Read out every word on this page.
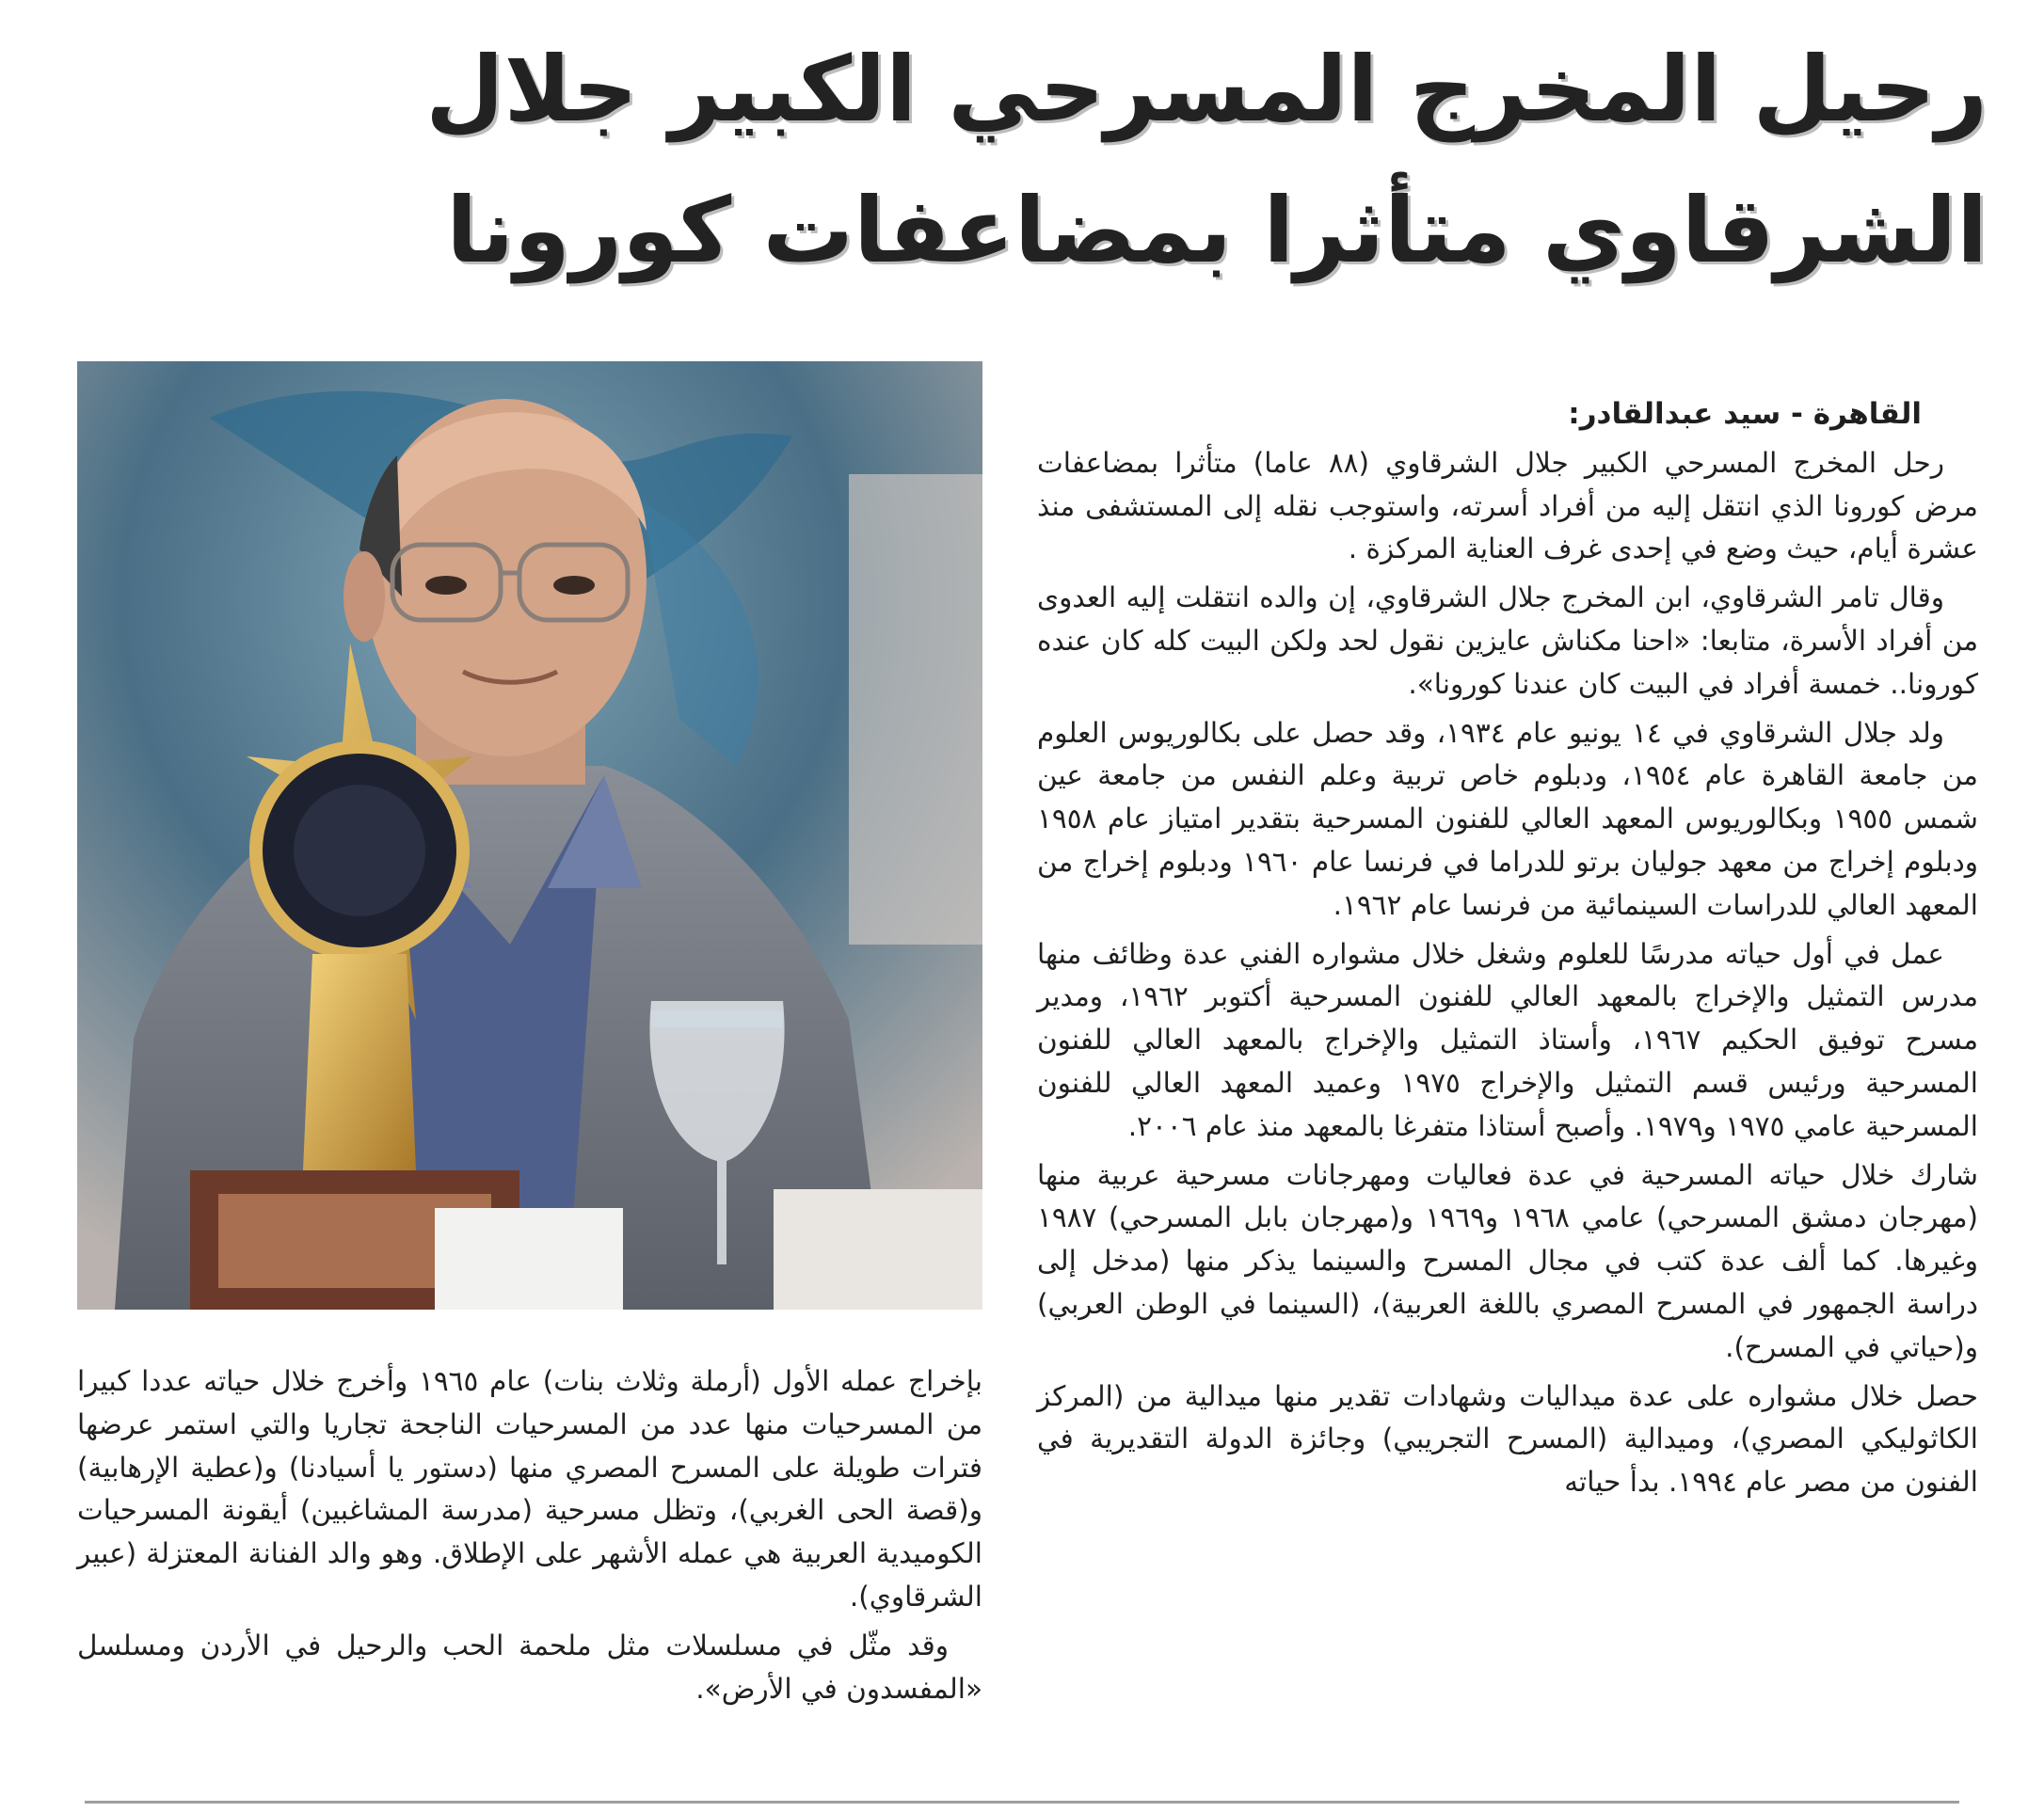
رحيل المخرج المسرحي الكبير جلال
الشرقاوي متأثرا بمضاعفات كورونا

القاهرة - سيد عبدالقادر:

رحل المخرج المسرحي الكبير جلال الشرقاوي (٨٨ عاما) متأثرا بمضاعفات مرض كورونا الذي انتقل إليه من أفراد أسرته، واستوجب نقله إلى المستشفى منذ عشرة أيام، حيث وضع في إحدى غرف العناية المركزة .

وقال تامر الشرقاوي، ابن المخرج جلال الشرقاوي، إن والده انتقلت إليه العدوى من أفراد الأسرة، متابعا: «احنا مكناش عايزين نقول لحد ولكن البيت كله كان عنده كورونا.. خمسة أفراد في البيت كان عندنا كورونا».

ولد جلال الشرقاوي في ١٤ يونيو عام ١٩٣٤، وقد حصل على بكالوريوس العلوم من جامعة القاهرة عام ١٩٥٤، ودبلوم خاص تربية وعلم النفس من جامعة عين شمس ١٩٥٥ وبكالوريوس المعهد العالي للفنون المسرحية بتقدير امتياز عام ١٩٥٨ ودبلوم إخراج من معهد جوليان برتو للدراما في فرنسا عام ١٩٦٠ ودبلوم إخراج من المعهد العالي للدراسات السينمائية من فرنسا عام ١٩٦٢.

عمل في أول حياته مدرسًا للعلوم وشغل خلال مشواره الفني عدة وظائف منها مدرس التمثيل والإخراج بالمعهد العالي للفنون المسرحية أكتوبر ١٩٦٢، ومدير مسرح توفيق الحكيم ١٩٦٧، وأستاذ التمثيل والإخراج بالمعهد العالي للفنون المسرحية ورئيس قسم التمثيل والإخراج ١٩٧٥ وعميد المعهد العالي للفنون المسرحية عامي ١٩٧٥ و١٩٧٩. وأصبح أستاذا متفرغا بالمعهد منذ عام ٢٠٠٦.

شارك خلال حياته المسرحية في عدة فعاليات ومهرجانات مسرحية عربية منها (مهرجان دمشق المسرحي) عامي ١٩٦٨ و١٩٦٩ و(مهرجان بابل المسرحي) ١٩٨٧ وغيرها. كما ألف عدة كتب في مجال المسرح والسينما يذكر منها (مدخل إلى دراسة الجمهور في المسرح المصري باللغة العربية)، (السينما في الوطن العربي) و(حياتي في المسرح).

حصل خلال مشواره على عدة ميداليات وشهادات تقدير منها ميدالية من (المركز الكاثوليكي المصري)، وميدالية (المسرح التجريبي) وجائزة الدولة التقديرية في الفنون من مصر عام ١٩٩٤. بدأ حياته

بإخراج عمله الأول (أرملة وثلاث بنات) عام ١٩٦٥ وأخرج خلال حياته عددا كبيرا من المسرحيات منها عدد من المسرحيات الناجحة تجاريا والتي استمر عرضها فترات طويلة على المسرح المصري منها (دستور يا أسيادنا) و(عطية الإرهابية) و(قصة الحى الغربي)، وتظل مسرحية (مدرسة المشاغبين) أيقونة المسرحيات الكوميدية العربية هي عمله الأشهر على الإطلاق. وهو والد الفنانة المعتزلة (عبير الشرقاوي).

وقد مثّل في مسلسلات مثل ملحمة الحب والرحيل في الأردن ومسلسل «المفسدون في الأرض».
